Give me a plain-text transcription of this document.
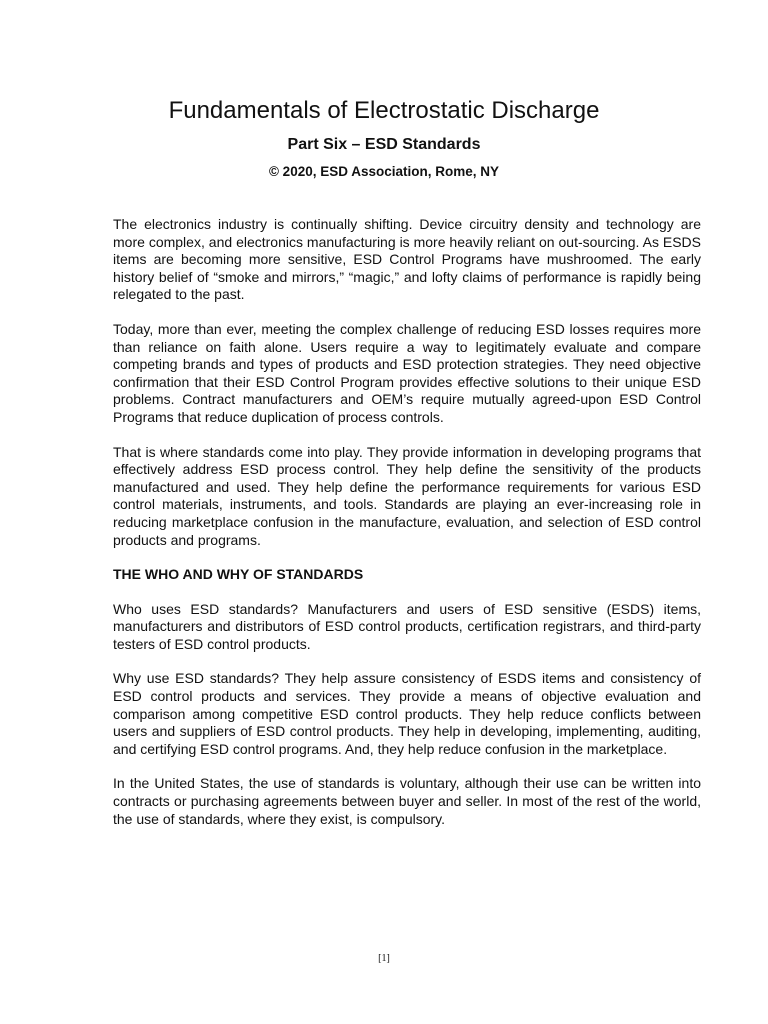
Fundamentals of Electrostatic Discharge
Part Six – ESD Standards

© 2020, ESD Association, Rome, NY

The electronics industry is continually shifting. Device circuitry density and technology are more complex, and electronics manufacturing is more heavily reliant on out-sourcing. As ESDS items are becoming more sensitive, ESD Control Programs have mushroomed. The early history belief of “smoke and mirrors,” “magic,” and lofty claims of performance is rapidly being relegated to the past.

Today, more than ever, meeting the complex challenge of reducing ESD losses requires more than reliance on faith alone. Users require a way to legitimately evaluate and compare competing brands and types of products and ESD protection strategies. They need objective confirmation that their ESD Control Program provides effective solutions to their unique ESD problems. Contract manufacturers and OEM’s require mutually agreed-upon ESD Control Programs that reduce duplication of process controls.

That is where standards come into play. They provide information in developing programs that effectively address ESD process control. They help define the sensitivity of the products manufactured and used. They help define the performance requirements for various ESD control materials, instruments, and tools. Standards are playing an ever-increasing role in reducing marketplace confusion in the manufacture, evaluation, and selection of ESD control products and programs.

THE WHO AND WHY OF STANDARDS

Who uses ESD standards? Manufacturers and users of ESD sensitive (ESDS) items, manufacturers and distributors of ESD control products, certification registrars, and third-party testers of ESD control products.

Why use ESD standards? They help assure consistency of ESDS items and consistency of ESD control products and services. They provide a means of objective evaluation and comparison among competitive ESD control products. They help reduce conflicts between users and suppliers of ESD control products. They help in developing, implementing, auditing, and certifying ESD control programs. And, they help reduce confusion in the marketplace.

In the United States, the use of standards is voluntary, although their use can be written into contracts or purchasing agreements between buyer and seller. In most of the rest of the world, the use of standards, where they exist, is compulsory.

[1]
